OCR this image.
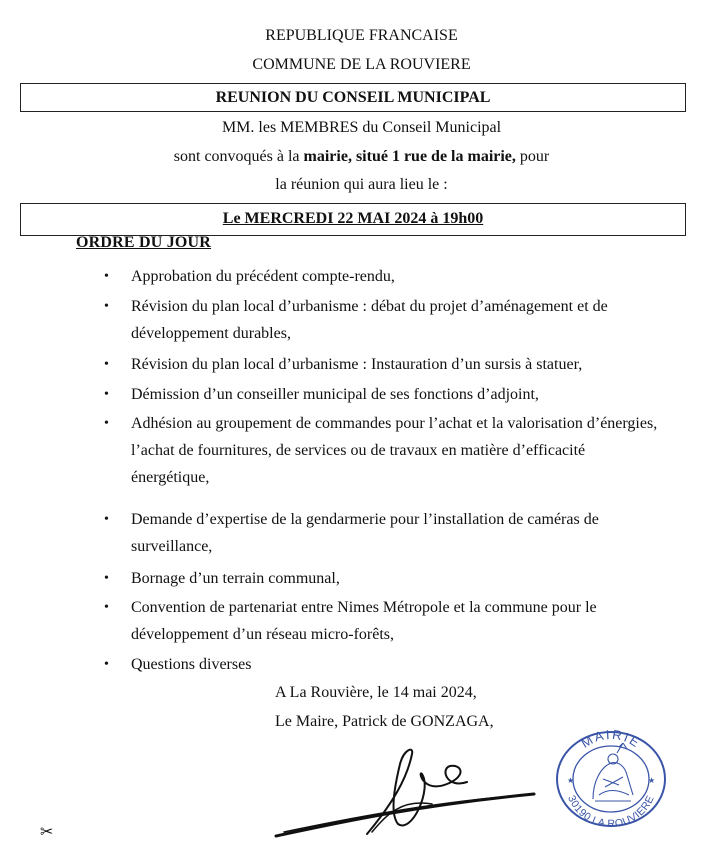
REPUBLIQUE FRANCAISE
COMMUNE DE LA ROUVIERE
REUNION DU CONSEIL MUNICIPAL
MM. les MEMBRES du Conseil Municipal
sont convoqués à la mairie, situé 1 rue de la mairie, pour
la réunion qui aura lieu le :
Le MERCREDI 22 MAI 2024 à 19h00
ORDRE DU JOUR
• Approbation du précédent compte-rendu,
• Révision du plan local d’urbanisme : débat du projet d’aménagement et de
développement durables,
• Révision du plan local d’urbanisme : Instauration d’un sursis à statuer,
• Démission d’un conseiller municipal de ses fonctions d’adjoint,
• Adhésion au groupement de commandes pour l’achat et la valorisation d’énergies,
l’achat de fournitures, de services ou de travaux en matière d’efficacité
énergétique,
• Demande d’expertise de la gendarmerie pour l’installation de caméras de
surveillance,
• Bornage d’un terrain communal,
• Convention de partenariat entre Nimes Métropole et la commune pour le
développement d’un réseau micro-forêts,
• Questions diverses
A La Rouvière, le 14 mai 2024,
Le Maire, Patrick de GONZAGA,
MAIRIE
30190 LA ROUVIERE
★	★
✂
